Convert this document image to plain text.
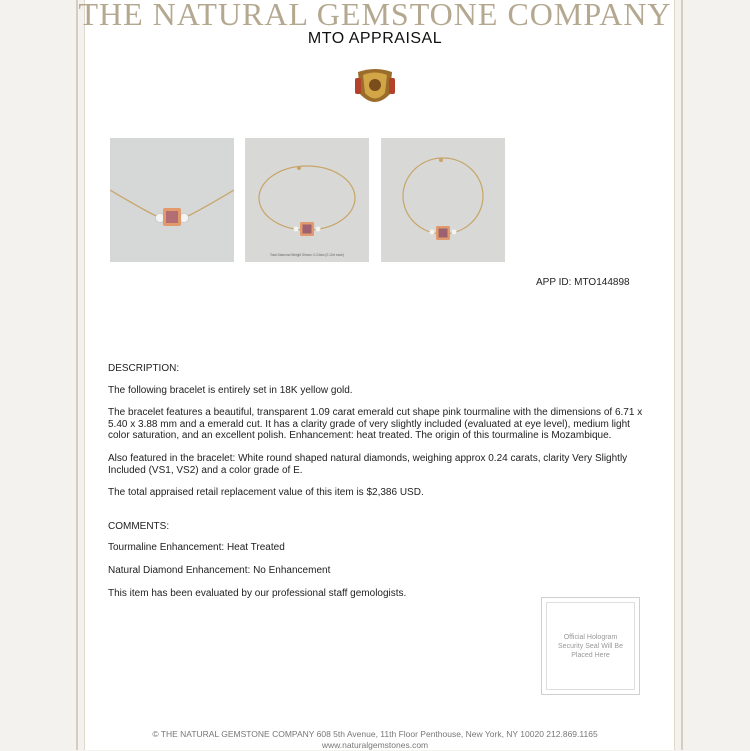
THE NATURAL GEMSTONE COMPANY
MTO APPRAISAL
Total Diamond Weight Shown: 0.24ctw (0.12ct each)
APP ID: MTO144898

DESCRIPTION:

The following bracelet is entirely set in 18K yellow gold.

The bracelet features a beautiful, transparent 1.09 carat emerald cut shape pink tourmaline with the dimensions of 6.71 x 5.40 x 3.88 mm and a emerald cut. It has a clarity grade of very slightly included (evaluated at eye level), medium light color saturation, and an excellent polish. Enhancement: heat treated. The origin of this tourmaline is Mozambique.

Also featured in the bracelet: White round shaped natural diamonds, weighing approx 0.24 carats, clarity Very Slightly Included (VS1, VS2) and a color grade of E.

The total appraised retail replacement value of this item is $2,386 USD.

COMMENTS:

Tourmaline Enhancement: Heat Treated

Natural Diamond Enhancement: No Enhancement

This item has been evaluated by our professional staff gemologists.

Official Hologram Security Seal Will Be Placed Here
© THE NATURAL GEMSTONE COMPANY 608 5th Avenue, 11th Floor Penthouse, New York, NY 10020 212.869.1165
www.naturalgemstones.com
